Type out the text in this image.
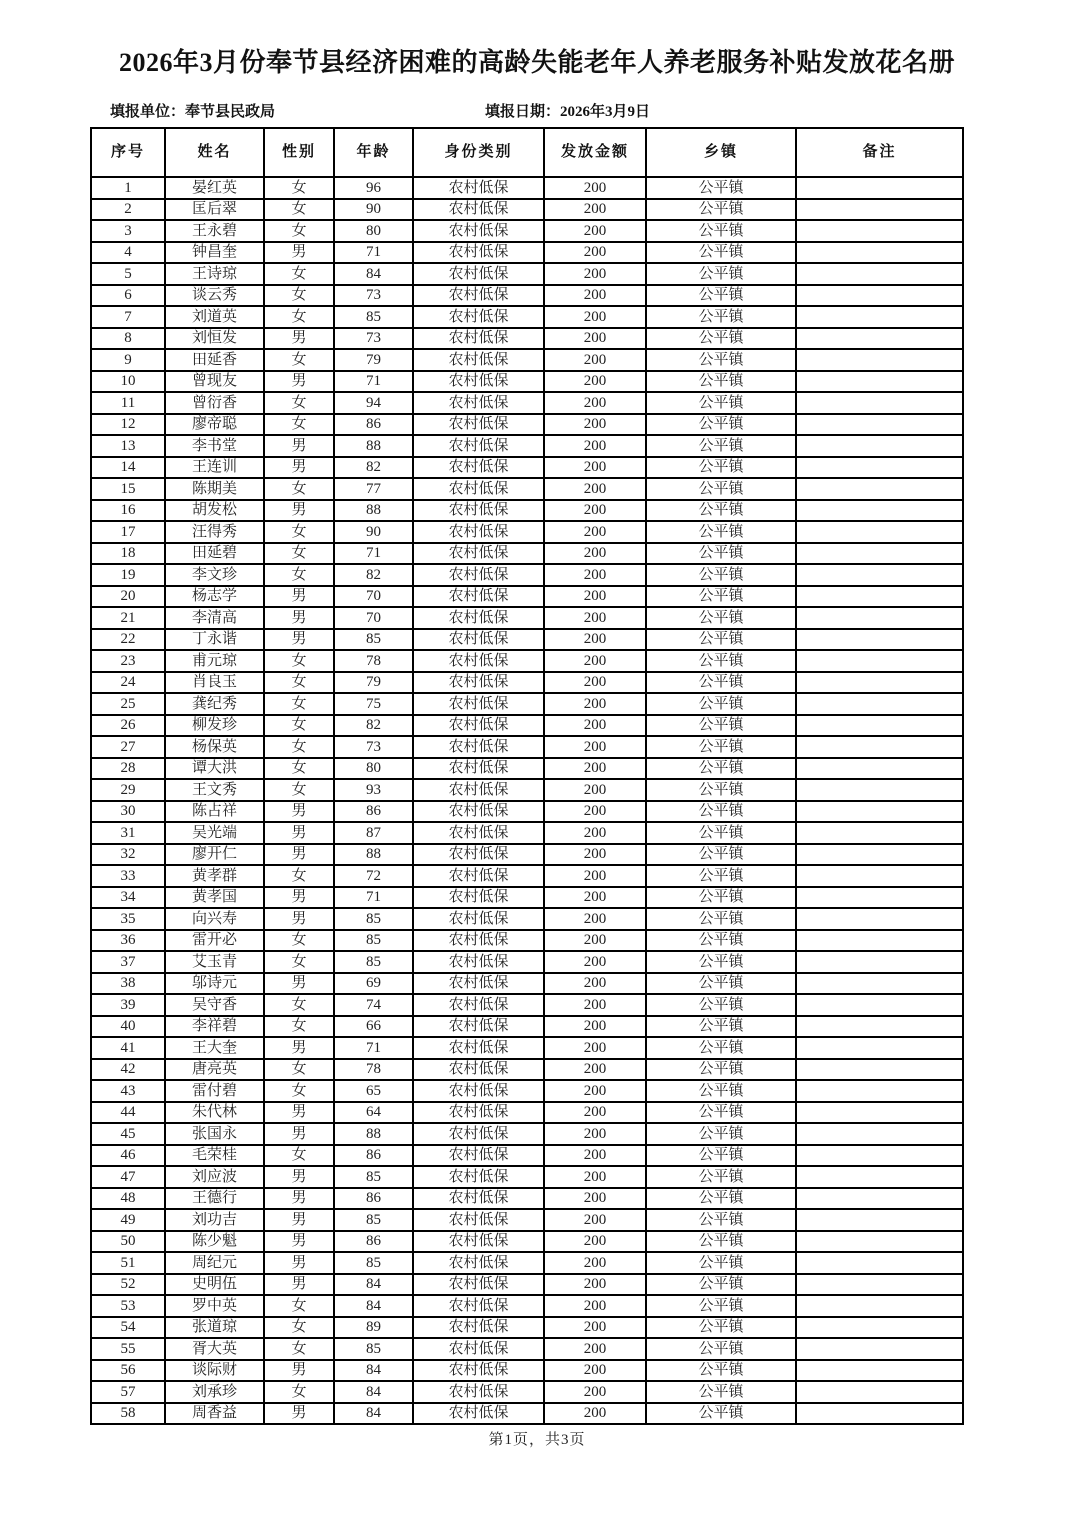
2026年3月份奉节县经济困难的高龄失能老年人养老服务补贴发放花名册
填报单位：奉节县民政局	填报日期：2026年3月9日
序号	姓名	性别	年龄	身份类别	发放金额	乡镇	备注
1	晏红英	女	96	农村低保	200	公平镇	
2	匡后翠	女	90	农村低保	200	公平镇	
3	王永碧	女	80	农村低保	200	公平镇	
4	钟昌奎	男	71	农村低保	200	公平镇	
5	王诗琼	女	84	农村低保	200	公平镇	
6	谈云秀	女	73	农村低保	200	公平镇	
7	刘道英	女	85	农村低保	200	公平镇	
8	刘恒发	男	73	农村低保	200	公平镇	
9	田延香	女	79	农村低保	200	公平镇	
10	曾现友	男	71	农村低保	200	公平镇	
11	曾衍香	女	94	农村低保	200	公平镇	
12	廖帝聪	女	86	农村低保	200	公平镇	
13	李书堂	男	88	农村低保	200	公平镇	
14	王连训	男	82	农村低保	200	公平镇	
15	陈期美	女	77	农村低保	200	公平镇	
16	胡发松	男	88	农村低保	200	公平镇	
17	汪得秀	女	90	农村低保	200	公平镇	
18	田延碧	女	71	农村低保	200	公平镇	
19	李文珍	女	82	农村低保	200	公平镇	
20	杨志学	男	70	农村低保	200	公平镇	
21	李清高	男	70	农村低保	200	公平镇	
22	丁永谐	男	85	农村低保	200	公平镇	
23	甫元琼	女	78	农村低保	200	公平镇	
24	肖良玉	女	79	农村低保	200	公平镇	
25	龚纪秀	女	75	农村低保	200	公平镇	
26	柳发珍	女	82	农村低保	200	公平镇	
27	杨保英	女	73	农村低保	200	公平镇	
28	谭大洪	女	80	农村低保	200	公平镇	
29	王文秀	女	93	农村低保	200	公平镇	
30	陈占祥	男	86	农村低保	200	公平镇	
31	吴光端	男	87	农村低保	200	公平镇	
32	廖开仁	男	88	农村低保	200	公平镇	
33	黄孝群	女	72	农村低保	200	公平镇	
34	黄孝国	男	71	农村低保	200	公平镇	
35	向兴寿	男	85	农村低保	200	公平镇	
36	雷开必	女	85	农村低保	200	公平镇	
37	艾玉青	女	85	农村低保	200	公平镇	
38	邬诗元	男	69	农村低保	200	公平镇	
39	吴守香	女	74	农村低保	200	公平镇	
40	李祥碧	女	66	农村低保	200	公平镇	
41	王大奎	男	71	农村低保	200	公平镇	
42	唐亮英	女	78	农村低保	200	公平镇	
43	雷付碧	女	65	农村低保	200	公平镇	
44	朱代林	男	64	农村低保	200	公平镇	
45	张国永	男	88	农村低保	200	公平镇	
46	毛荣桂	女	86	农村低保	200	公平镇	
47	刘应波	男	85	农村低保	200	公平镇	
48	王德行	男	86	农村低保	200	公平镇	
49	刘功吉	男	85	农村低保	200	公平镇	
50	陈少魁	男	86	农村低保	200	公平镇	
51	周纪元	男	85	农村低保	200	公平镇	
52	史明伍	男	84	农村低保	200	公平镇	
53	罗中英	女	84	农村低保	200	公平镇	
54	张道琼	女	89	农村低保	200	公平镇	
55	胥大英	女	85	农村低保	200	公平镇	
56	谈际财	男	84	农村低保	200	公平镇	
57	刘承珍	女	84	农村低保	200	公平镇	
58	周香益	男	84	农村低保	200	公平镇	
第1页，共3页
